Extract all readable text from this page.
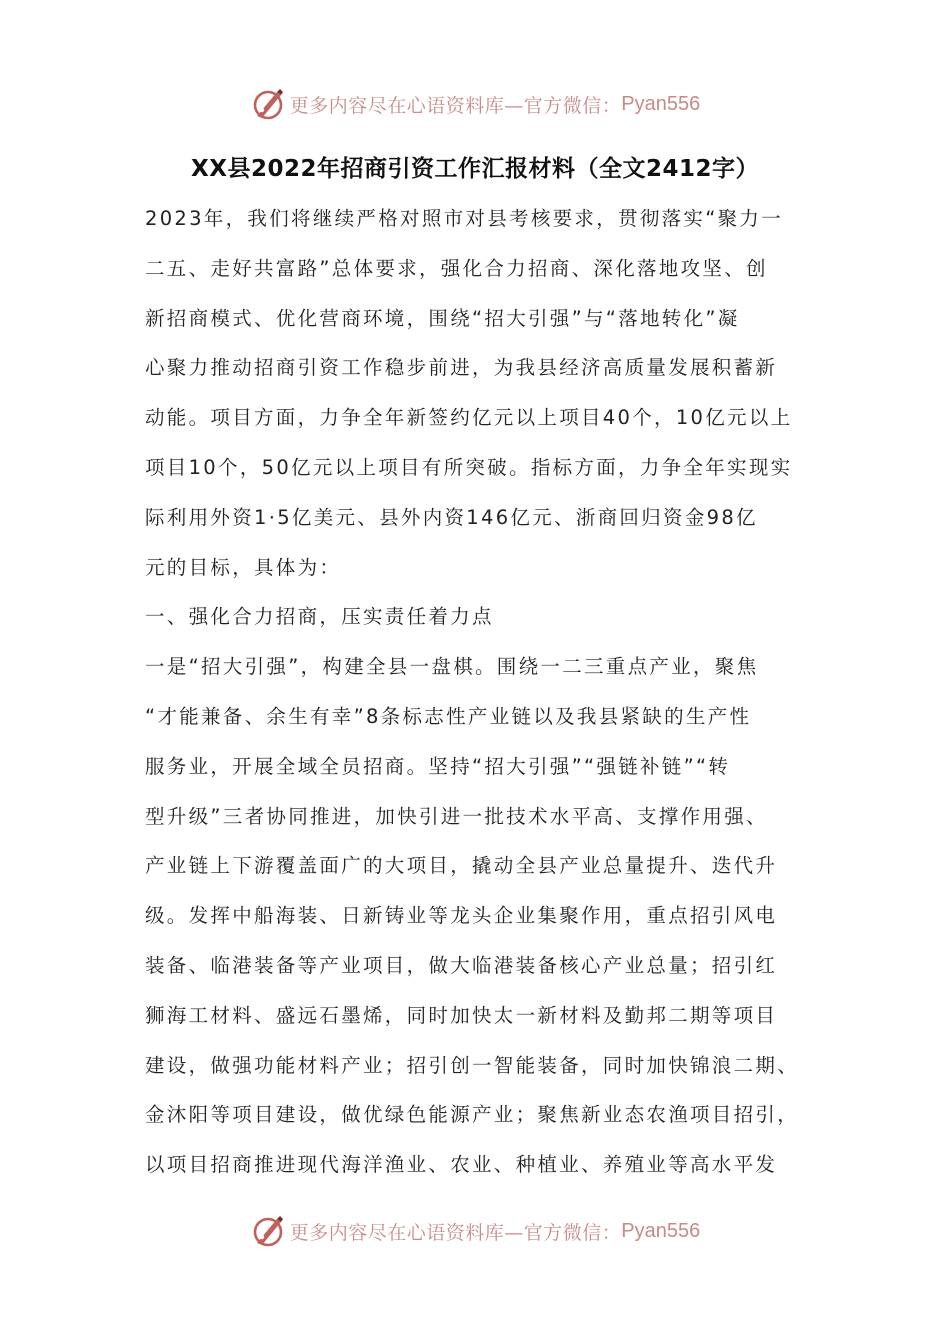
更多内容尽在心语资料库—官方微信： Pyan556
XX县2022年招商引资工作汇报材料（全文2412字）
2023年，我们将继续严格对照市对县考核要求，贯彻落实“聚力一
二五、走好共富路”总体要求，强化合力招商、深化落地攻坚、创
新招商模式、优化营商环境，围绕“招大引强”与“落地转化”凝
心聚力推动招商引资工作稳步前进，为我县经济高质量发展积蓄新
动能。项目方面，力争全年新签约亿元以上项目40个，10亿元以上
项目10个，50亿元以上项目有所突破。指标方面，力争全年实现实
际利用外资1·5亿美元、县外内资146亿元、浙商回归资金98亿
元的目标，具体为：
一、强化合力招商，压实责任着力点
一是“招大引强”，构建全县一盘棋。围绕一二三重点产业，聚焦
“才能兼备、余生有幸”8条标志性产业链以及我县紧缺的生产性
服务业，开展全域全员招商。坚持“招大引强”“强链补链”“转
型升级”三者协同推进，加快引进一批技术水平高、支撑作用强、
产业链上下游覆盖面广的大项目，撬动全县产业总量提升、迭代升
级。发挥中船海装、日新铸业等龙头企业集聚作用，重点招引风电
装备、临港装备等产业项目，做大临港装备核心产业总量；招引红
狮海工材料、盛远石墨烯，同时加快太一新材料及勤邦二期等项目
建设，做强功能材料产业；招引创一智能装备，同时加快锦浪二期、
金沐阳等项目建设，做优绿色能源产业；聚焦新业态农渔项目招引，
以项目招商推进现代海洋渔业、农业、种植业、养殖业等高水平发
更多内容尽在心语资料库—官方微信： Pyan556
